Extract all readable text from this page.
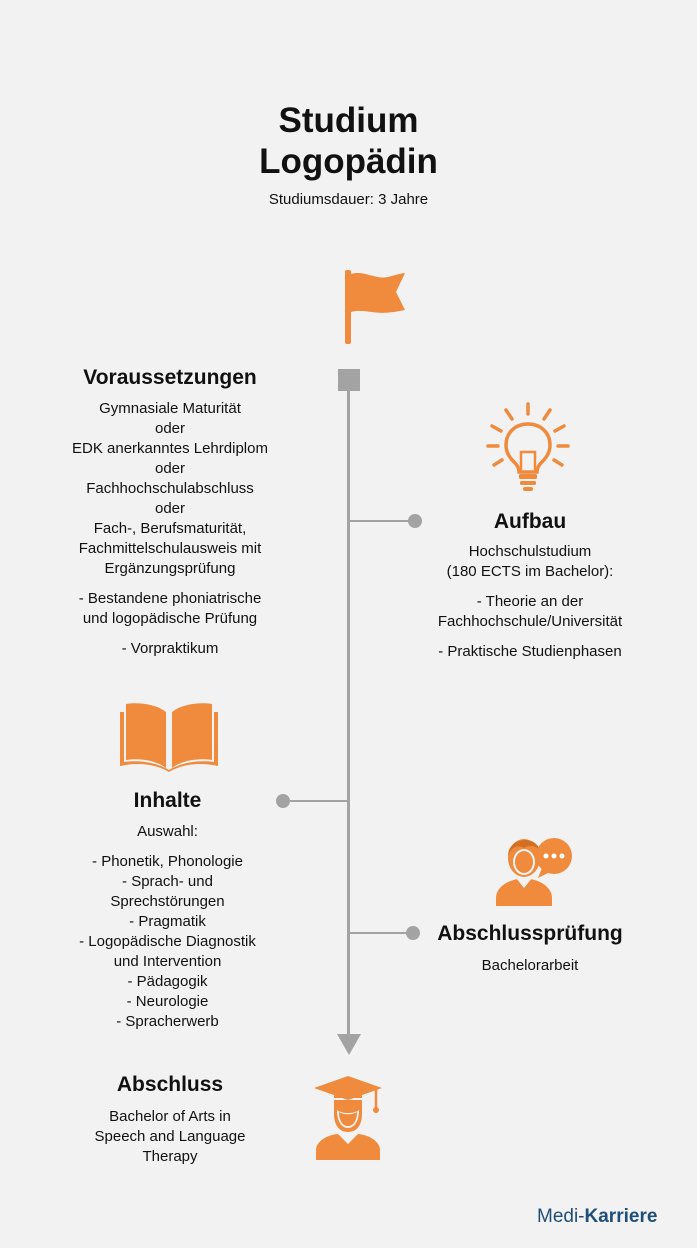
Studium
Logopädin
Studiumsdauer: 3 Jahre
Voraussetzungen
Gymnasiale Maturität
oder
EDK anerkanntes Lehrdiplom
oder
Fachhochschulabschluss
oder
Fach-, Berufsmaturität,
Fachmittelschulausweis mit
Ergänzungsprüfung
- Bestandene phoniatrische
und logopädische Prüfung
- Vorpraktikum
Aufbau
Hochschulstudium
(180 ECTS im Bachelor):
- Theorie an der
Fachhochschule/Universität
- Praktische Studienphasen
Inhalte
Auswahl:
- Phonetik, Phonologie
- Sprach- und
Sprechstörungen
- Pragmatik
- Logopädische Diagnostik
und Intervention
- Pädagogik
- Neurologie
- Spracherwerb
Abschlussprüfung
Bachelorarbeit
Abschluss
Bachelor of Arts in
Speech and Language
Therapy
Medi-Karriere
